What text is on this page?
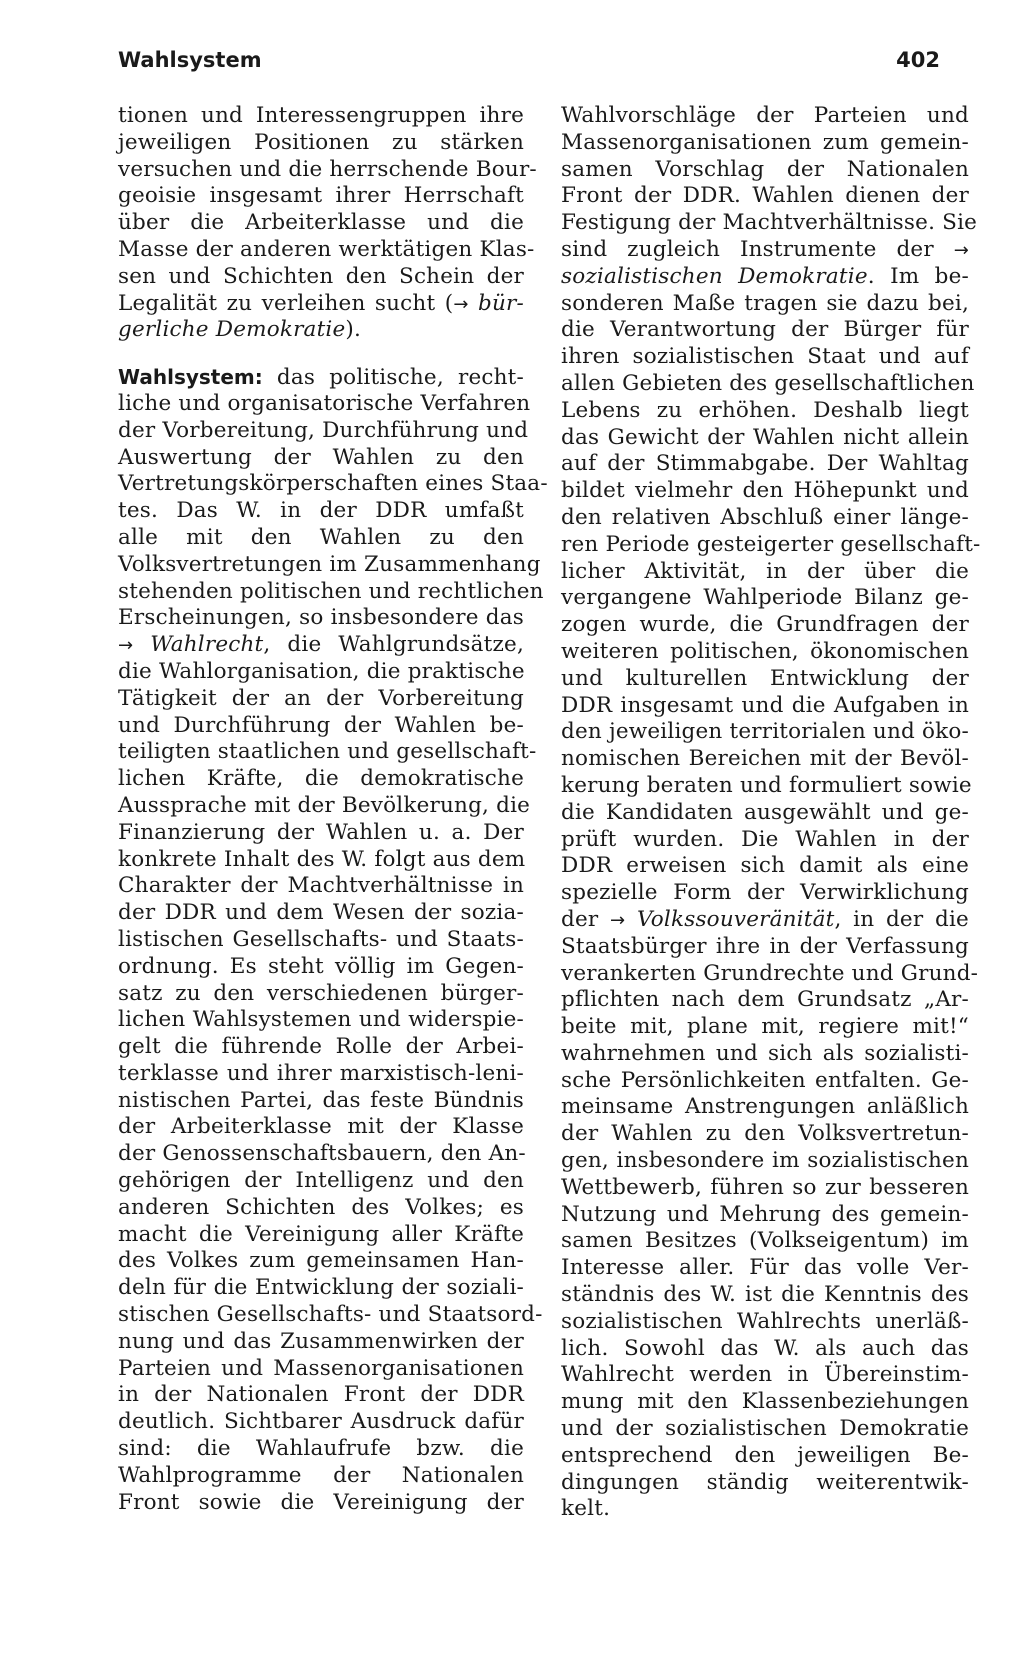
Wahlsystem	402
tionen und Interessengruppen ihre
jeweiligen Positionen zu stärken
versuchen und die herrschende Bour-
geoisie insgesamt ihrer Herrschaft
über die Arbeiterklasse und die
Masse der anderen werktätigen Klas-
sen und Schichten den Schein der
Legalität zu verleihen sucht (→ bür-
gerliche Demokratie).
Wahlsystem: das politische, recht-
liche und organisatorische Verfahren
der Vorbereitung, Durchführung und
Auswertung der Wahlen zu den
Vertretungskörperschaften eines Staa-
tes. Das W. in der DDR umfaßt
alle mit den Wahlen zu den
Volksvertretungen im Zusammenhang
stehenden politischen und rechtlichen
Erscheinungen, so insbesondere das
→ Wahlrecht, die Wahlgrundsätze,
die Wahlorganisation, die praktische
Tätigkeit der an der Vorbereitung
und Durchführung der Wahlen be-
teiligten staatlichen und gesellschaft-
lichen Kräfte, die demokratische
Aussprache mit der Bevölkerung, die
Finanzierung der Wahlen u. a. Der
konkrete Inhalt des W. folgt aus dem
Charakter der Machtverhältnisse in
der DDR und dem Wesen der sozia-
listischen Gesellschafts- und Staats-
ordnung. Es steht völlig im Gegen-
satz zu den verschiedenen bürger-
lichen Wahlsystemen und widerspie-
gelt die führende Rolle der Arbei-
terklasse und ihrer marxistisch-leni-
nistischen Partei, das feste Bündnis
der Arbeiterklasse mit der Klasse
der Genossenschaftsbauern, den An-
gehörigen der Intelligenz und den
anderen Schichten des Volkes; es
macht die Vereinigung aller Kräfte
des Volkes zum gemeinsamen Han-
deln für die Entwicklung der soziali-
stischen Gesellschafts- und Staatsord-
nung und das Zusammenwirken der
Parteien und Massenorganisationen
in der Nationalen Front der DDR
deutlich. Sichtbarer Ausdruck dafür
sind: die Wahlaufrufe bzw. die
Wahlprogramme der Nationalen
Front sowie die Vereinigung der
Wahlvorschläge der Parteien und
Massenorganisationen zum gemein-
samen Vorschlag der Nationalen
Front der DDR. Wahlen dienen der
Festigung der Machtverhältnisse. Sie
sind zugleich Instrumente der →
sozialistischen Demokratie. Im be-
sonderen Maße tragen sie dazu bei,
die Verantwortung der Bürger für
ihren sozialistischen Staat und auf
allen Gebieten des gesellschaftlichen
Lebens zu erhöhen. Deshalb liegt
das Gewicht der Wahlen nicht allein
auf der Stimmabgabe. Der Wahltag
bildet vielmehr den Höhepunkt und
den relativen Abschluß einer länge-
ren Periode gesteigerter gesellschaft-
licher Aktivität, in der über die
vergangene Wahlperiode Bilanz ge-
zogen wurde, die Grundfragen der
weiteren politischen, ökonomischen
und kulturellen Entwicklung der
DDR insgesamt und die Aufgaben in
den jeweiligen territorialen und öko-
nomischen Bereichen mit der Bevöl-
kerung beraten und formuliert sowie
die Kandidaten ausgewählt und ge-
prüft wurden. Die Wahlen in der
DDR erweisen sich damit als eine
spezielle Form der Verwirklichung
der → Volkssouveränität, in der die
Staatsbürger ihre in der Verfassung
verankerten Grundrechte und Grund-
pflichten nach dem Grundsatz „Ar-
beite mit, plane mit, regiere mit!“
wahrnehmen und sich als sozialisti-
sche Persönlichkeiten entfalten. Ge-
meinsame Anstrengungen anläßlich
der Wahlen zu den Volksvertretun-
gen, insbesondere im sozialistischen
Wettbewerb, führen so zur besseren
Nutzung und Mehrung des gemein-
samen Besitzes (Volkseigentum) im
Interesse aller. Für das volle Ver-
ständnis des W. ist die Kenntnis des
sozialistischen Wahlrechts unerläß-
lich. Sowohl das W. als auch das
Wahlrecht werden in Übereinstim-
mung mit den Klassenbeziehungen
und der sozialistischen Demokratie
entsprechend den jeweiligen Be-
dingungen ständig weiterentwik-
kelt.
